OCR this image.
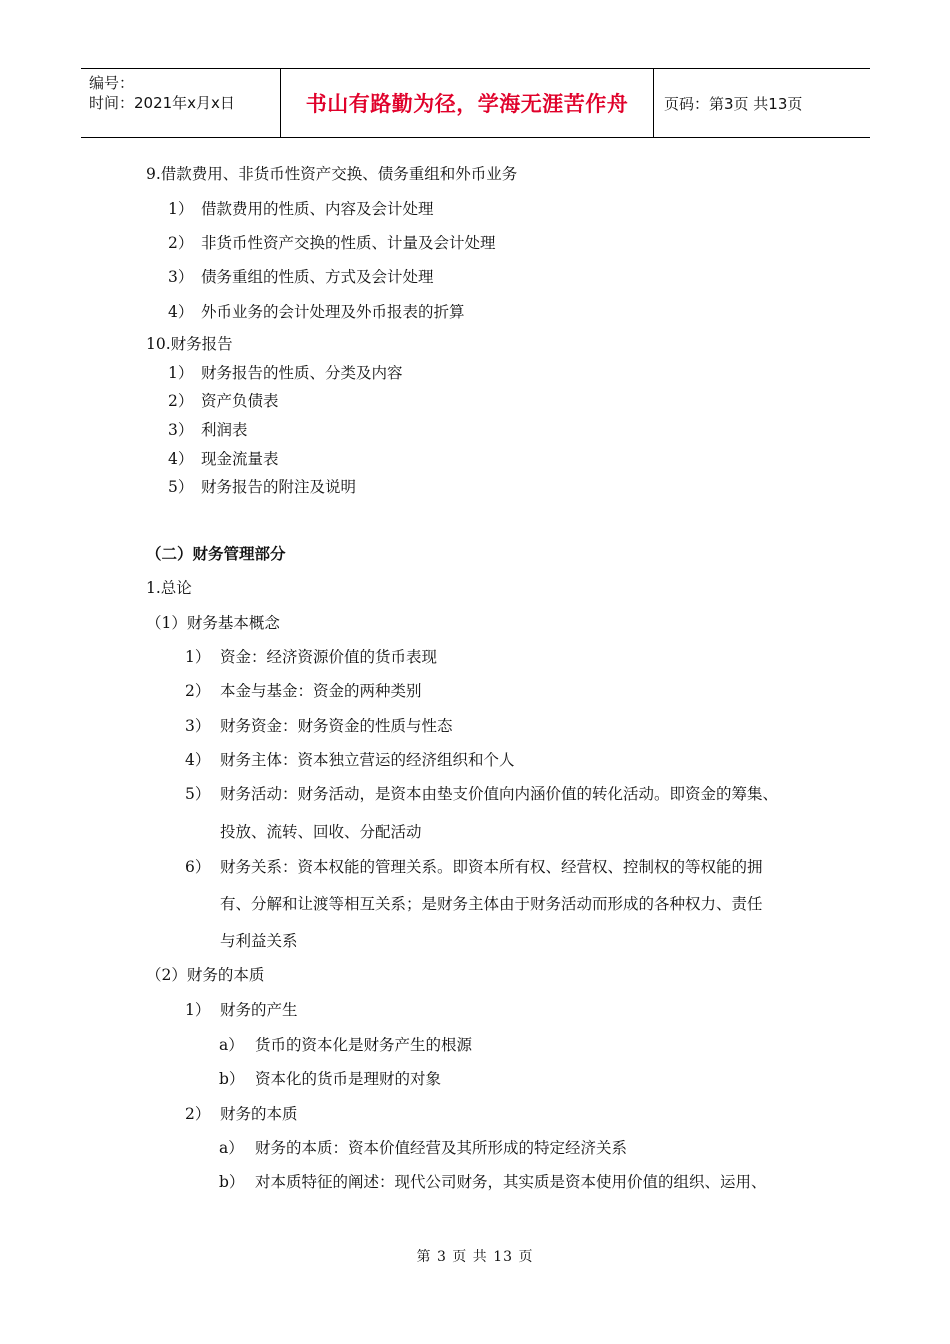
编号：
时间：2021年x月x日	书山有路勤为径，学海无涯苦作舟	页码：第3页 共13页
9.借款费用、非货币性资产交换、债务重组和外币业务
1） 借款费用的性质、内容及会计处理
2） 非货币性资产交换的性质、计量及会计处理
3） 债务重组的性质、方式及会计处理
4） 外币业务的会计处理及外币报表的折算
10.财务报告
1） 财务报告的性质、分类及内容
2） 资产负债表
3） 利润表
4） 现金流量表
5） 财务报告的附注及说明
（二）财务管理部分
1.总论
（1）财务基本概念
1） 资金：经济资源价值的货币表现
2） 本金与基金：资金的两种类别
3） 财务资金：财务资金的性质与性态
4） 财务主体：资本独立营运的经济组织和个人
5） 财务活动：财务活动，是资本由垫支价值向内涵价值的转化活动。即资金的筹集、
投放、流转、回收、分配活动
6） 财务关系：资本权能的管理关系。即资本所有权、经营权、控制权的等权能的拥
有、分解和让渡等相互关系；是财务主体由于财务活动而形成的各种权力、责任
与利益关系
（2）财务的本质
1） 财务的产生
a） 货币的资本化是财务产生的根源
b） 资本化的货币是理财的对象
2） 财务的本质
a） 财务的本质：资本价值经营及其所形成的特定经济关系
b） 对本质特征的阐述：现代公司财务，其实质是资本使用价值的组织、运用、
第 3 页 共 13 页
